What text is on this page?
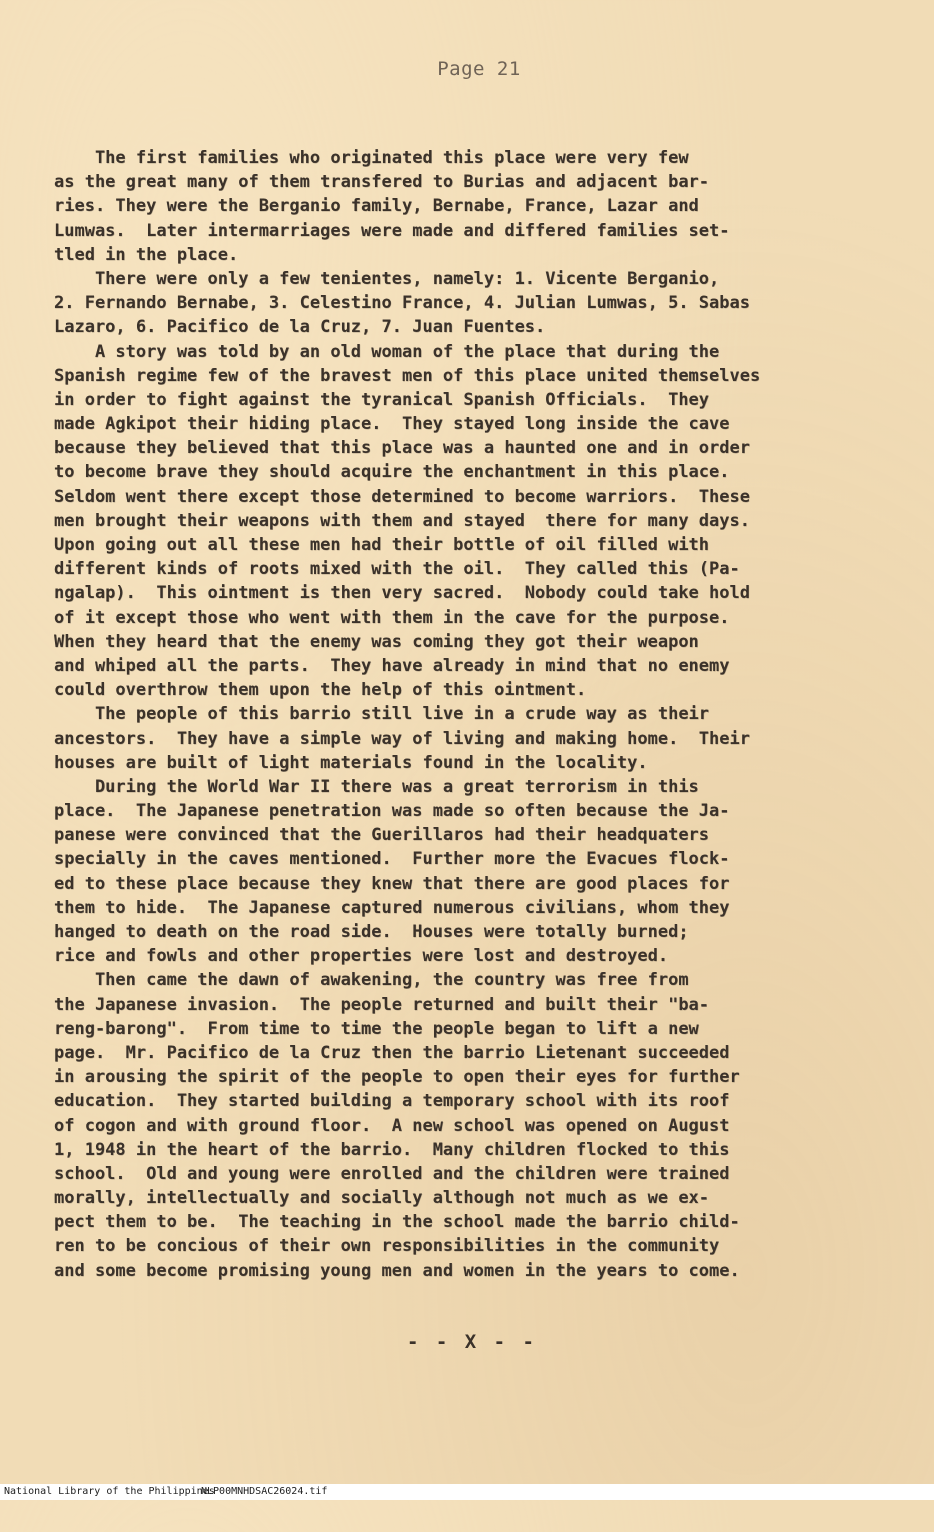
Page 21
The first families who originated this place were very few
as the great many of them transfered to Burias and adjacent bar-
ries. They were the Berganio family, Bernabe, France, Lazar and
Lumwas.  Later intermarriages were made and differed families set-
tled in the place.
There were only a few tenientes, namely: 1. Vicente Berganio,
2. Fernando Bernabe, 3. Celestino France, 4. Julian Lumwas, 5. Sabas
Lazaro, 6. Pacifico de la Cruz, 7. Juan Fuentes.
A story was told by an old woman of the place that during the
Spanish regime few of the bravest men of this place united themselves
in order to fight against the tyranical Spanish Officials.  They
made Agkipot their hiding place.  They stayed long inside the cave
because they believed that this place was a haunted one and in order
to become brave they should acquire the enchantment in this place.
Seldom went there except those determined to become warriors.  These
men brought their weapons with them and stayed  there for many days.
Upon going out all these men had their bottle of oil filled with
different kinds of roots mixed with the oil.  They called this (Pa-
ngalap).  This ointment is then very sacred.  Nobody could take hold
of it except those who went with them in the cave for the purpose.
When they heard that the enemy was coming they got their weapon
and whiped all the parts.  They have already in mind that no enemy
could overthrow them upon the help of this ointment.
The people of this barrio still live in a crude way as their
ancestors.  They have a simple way of living and making home.  Their
houses are built of light materials found in the locality.
During the World War II there was a great terrorism in this
place.  The Japanese penetration was made so often because the Ja-
panese were convinced that the Guerillaros had their headquaters
specially in the caves mentioned.  Further more the Evacues flock-
ed to these place because they knew that there are good places for
them to hide.  The Japanese captured numerous civilians, whom they
hanged to death on the road side.  Houses were totally burned;
rice and fowls and other properties were lost and destroyed.
Then came the dawn of awakening, the country was free from
the Japanese invasion.  The people returned and built their "ba-
reng-barong".  From time to time the people began to lift a new
page.  Mr. Pacifico de la Cruz then the barrio Lietenant succeeded
in arousing the spirit of the people to open their eyes for further
education.  They started building a temporary school with its roof
of cogon and with ground floor.  A new school was opened on August
1, 1948 in the heart of the barrio.  Many children flocked to this
school.  Old and young were enrolled and the children were trained
morally, intellectually and socially although not much as we ex-
pect them to be.  The teaching in the school made the barrio child-
ren to be concious of their own responsibilities in the community
and some become promising young men and women in the years to come.
- - X - -

National Library of the Philippines

NLP00MNHDSAC26024.tif
